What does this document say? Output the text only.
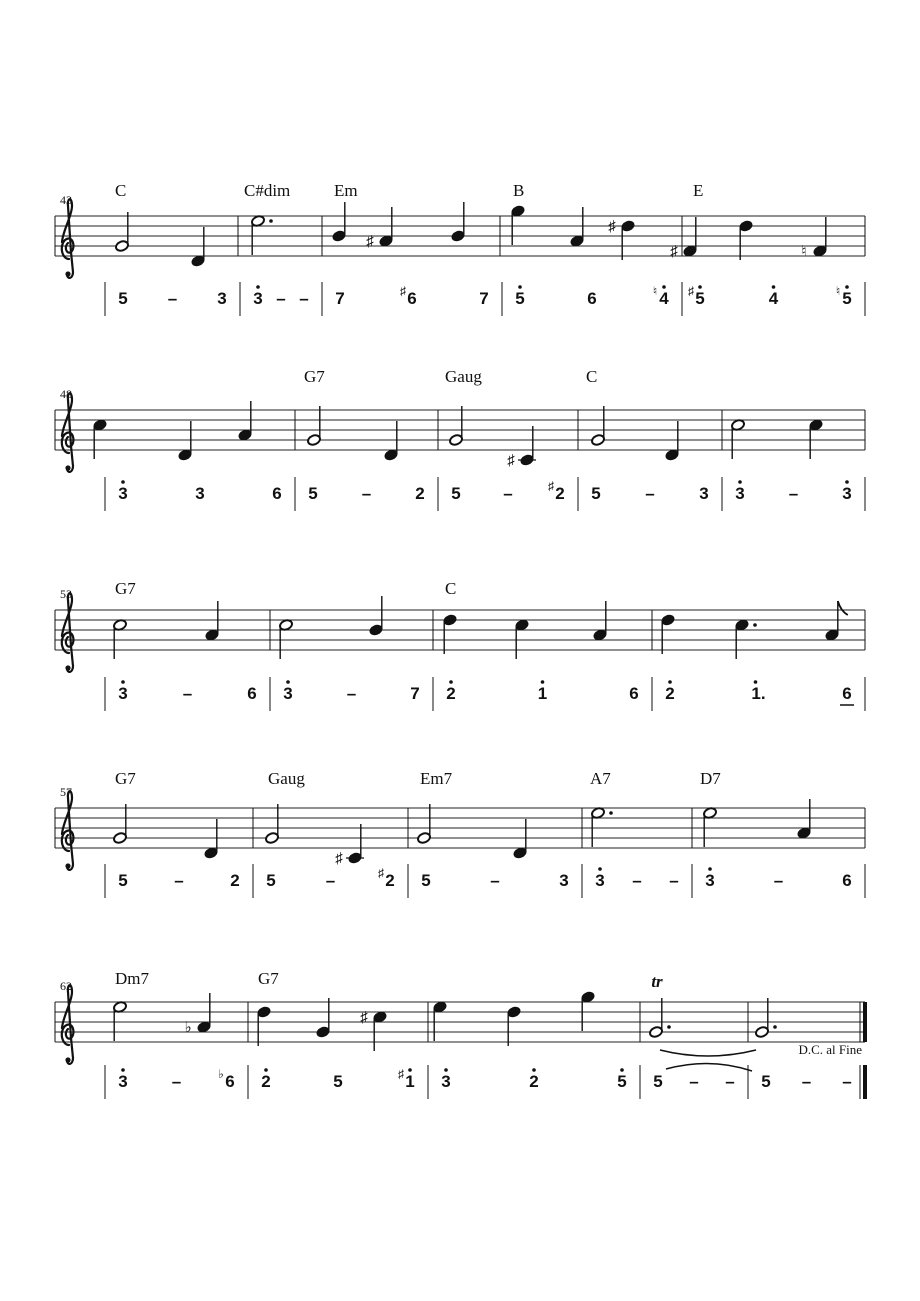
43	C	C#dim	Em	B	E
♯
♯
♯	♮
5 – 3 3 – – 7	6
♯	7 5	6	4
♮ 5
♯	4	5
♮
48
G7	Gaug	C
♯
3	3	6 5	–	2 5	–	2
♯ 5	–	3 3	–	3
53	G7	C
3	–	6 3	–	7 2	1	6 2	1.	6
57
G7	Gaug	Em7	A7	D7
♯
5	–	2 5	–	2
♯ 5	–	3 3 – – 3	–	6
62	Dm7	G7
♭
♯
tr
D.C. al Fine
3	–	6
♭ 2	5	1
♯ 3	2	5 5 – – 5 – –
